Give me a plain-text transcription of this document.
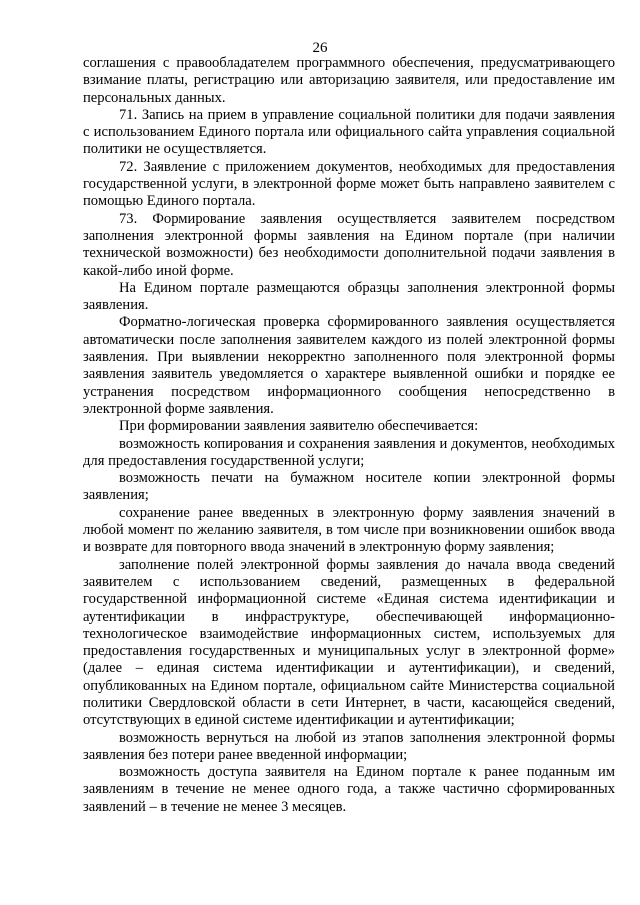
26

соглашения с правообладателем программного обеспечения, предусматривающего взимание платы, регистрацию или авторизацию заявителя, или предоставление им персональных данных.

71. Запись на прием в управление социальной политики для подачи заявления с использованием Единого портала или официального сайта управления социальной политики не осуществляется.

72. Заявление с приложением документов, необходимых для предоставления государственной услуги, в электронной форме может быть направлено заявителем с помощью Единого портала.

73. Формирование заявления осуществляется заявителем посредством заполнения электронной формы заявления на Едином портале (при наличии технической возможности) без необходимости дополнительной подачи заявления в какой-либо иной форме.

На Едином портале размещаются образцы заполнения электронной формы заявления.

Форматно-логическая проверка сформированного заявления осуществляется автоматически после заполнения заявителем каждого из полей электронной формы заявления. При выявлении некорректно заполненного поля электронной формы заявления заявитель уведомляется о характере выявленной ошибки и порядке ее устранения посредством информационного сообщения непосредственно в электронной форме заявления.

При формировании заявления заявителю обеспечивается:

возможность копирования и сохранения заявления и документов, необходимых для предоставления государственной услуги;

возможность печати на бумажном носителе копии электронной формы заявления;

сохранение ранее введенных в электронную форму заявления значений в любой момент по желанию заявителя, в том числе при возникновении ошибок ввода и возврате для повторного ввода значений в электронную форму заявления;

заполнение полей электронной формы заявления до начала ввода сведений заявителем с использованием сведений, размещенных в федеральной государственной информационной системе «Единая система идентификации и аутентификации в инфраструктуре, обеспечивающей информационно-технологическое взаимодействие информационных систем, используемых для предоставления государственных и муниципальных услуг в электронной форме» (далее – единая система идентификации и аутентификации), и сведений, опубликованных на Едином портале, официальном сайте Министерства социальной политики Свердловской области в сети Интернет, в части, касающейся сведений, отсутствующих в единой системе идентификации и аутентификации;

возможность вернуться на любой из этапов заполнения электронной формы заявления без потери ранее введенной информации;

возможность доступа заявителя на Едином портале к ранее поданным им заявлениям в течение не менее одного года, а также частично сформированных заявлений – в течение не менее 3 месяцев.
